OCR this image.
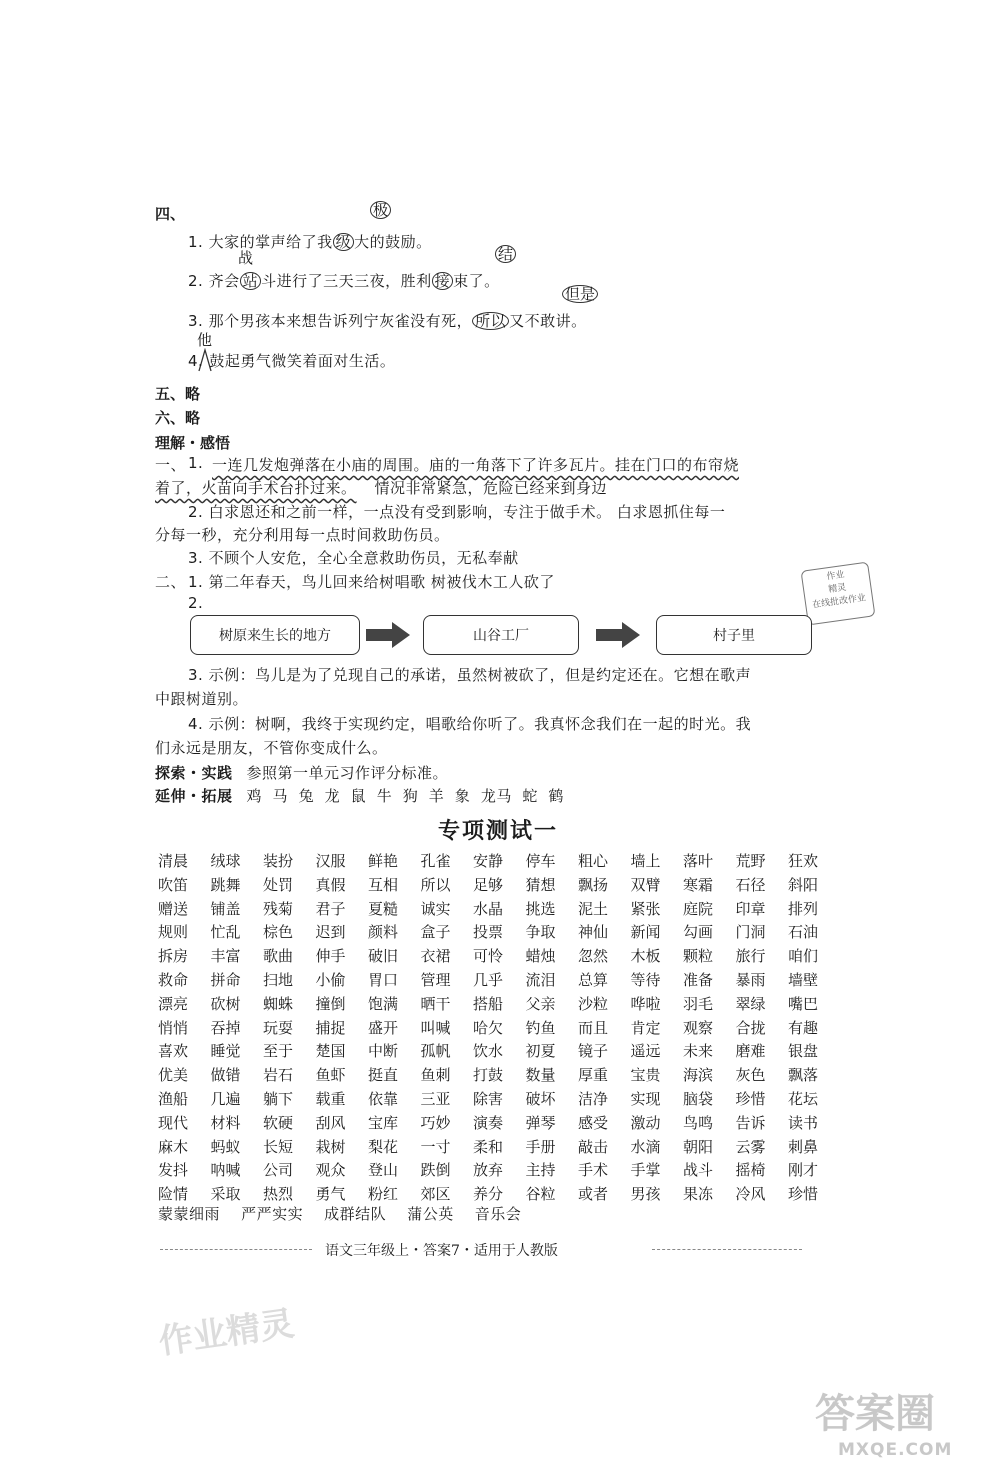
四、	极
1. 大家的掌声给了我 级 大的鼓励。
战	结
2. 齐会 站 斗进行了三天三夜，胜利 接 束了。
但是
3. 那个男孩本来想告诉列宁灰雀没有死， 所以 又不敢讲。
他
4. 鼓起勇气微笑着面对生活。
五、略
六、略
理解・感悟
一、 1. 一连几发炮弹落在小庙的周围。庙的一角落下了许多瓦片。挂在门口的布帘烧
着了，火苗向手术台扑过来。 情况非常紧急，危险已经来到身边
2. 白求恩还和之前一样，一点没有受到影响，专注于做手术。 白求恩抓住每一
分每一秒，充分利用每一点时间救助伤员。
3. 不顾个人安危，全心全意救助伤员，无私奉献
二、 1. 第二年春天，鸟儿回来给树唱歌 树被伐木工人砍了
2.
作业
精灵
在线批改作业
树原来生长的地方	山谷工厂	村子里
3. 示例：鸟儿是为了兑现自己的承诺，虽然树被砍了，但是约定还在。它想在歌声
中跟树道别。
4. 示例：树啊，我终于实现约定，唱歌给你听了。我真怀念我们在一起的时光。我
们永远是朋友，不管你变成什么。
探索・实践 参照第一单元习作评分标准。
延伸・拓展 鸡  马  兔  龙  鼠  牛  狗  羊  象  龙马  蛇  鹤
专项测试一
清晨	绒球	装扮	汉服	鲜艳	孔雀	安静	停车	粗心	墙上	落叶	荒野	狂欢
吹笛	跳舞	处罚	真假	互相	所以	足够	猜想	飘扬	双臂	寒霜	石径	斜阳
赠送	铺盖	残菊	君子	夏糙	诚实	水晶	挑选	泥土	紧张	庭院	印章	排列
规则	忙乱	棕色	迟到	颜料	盒子	投票	争取	神仙	新闻	勾画	门洞	石油
拆房	丰富	歌曲	伸手	破旧	衣裙	可怜	蜡烛	忽然	木板	颗粒	旅行	咱们
救命	拼命	扫地	小偷	胃口	管理	几乎	流泪	总算	等待	准备	暴雨	墙壁
漂亮	砍树	蜘蛛	撞倒	饱满	晒干	搭船	父亲	沙粒	哗啦	羽毛	翠绿	嘴巴
悄悄	吞掉	玩耍	捕捉	盛开	叫喊	哈欠	钓鱼	而且	肯定	观察	合拢	有趣
喜欢	睡觉	至于	楚国	中断	孤帆	饮水	初夏	镜子	遥远	未来	磨难	银盘
优美	做错	岩石	鱼虾	挺直	鱼刺	打鼓	数量	厚重	宝贵	海滨	灰色	飘落
渔船	几遍	躺下	载重	依靠	三亚	除害	破坏	洁净	实现	脑袋	珍惜	花坛
现代	材料	软硬	刮风	宝库	巧妙	演奏	弹琴	感受	激动	鸟鸣	告诉	读书
麻木	蚂蚁	长短	栽树	梨花	一寸	柔和	手册	敲击	水滴	朝阳	云雾	刺鼻
发抖	呐喊	公司	观众	登山	跌倒	放弃	主持	手术	手掌	战斗	摇椅	刚才
险情	采取	热烈	勇气	粉红	郊区	养分	谷粒	或者	男孩	果冻	冷风	珍惜
蒙蒙细雨    严严实实    成群结队    蒲公英    音乐会
语文三年级上・答案7・适用于人教版
作业精灵
答案圈
MXQE.COM
